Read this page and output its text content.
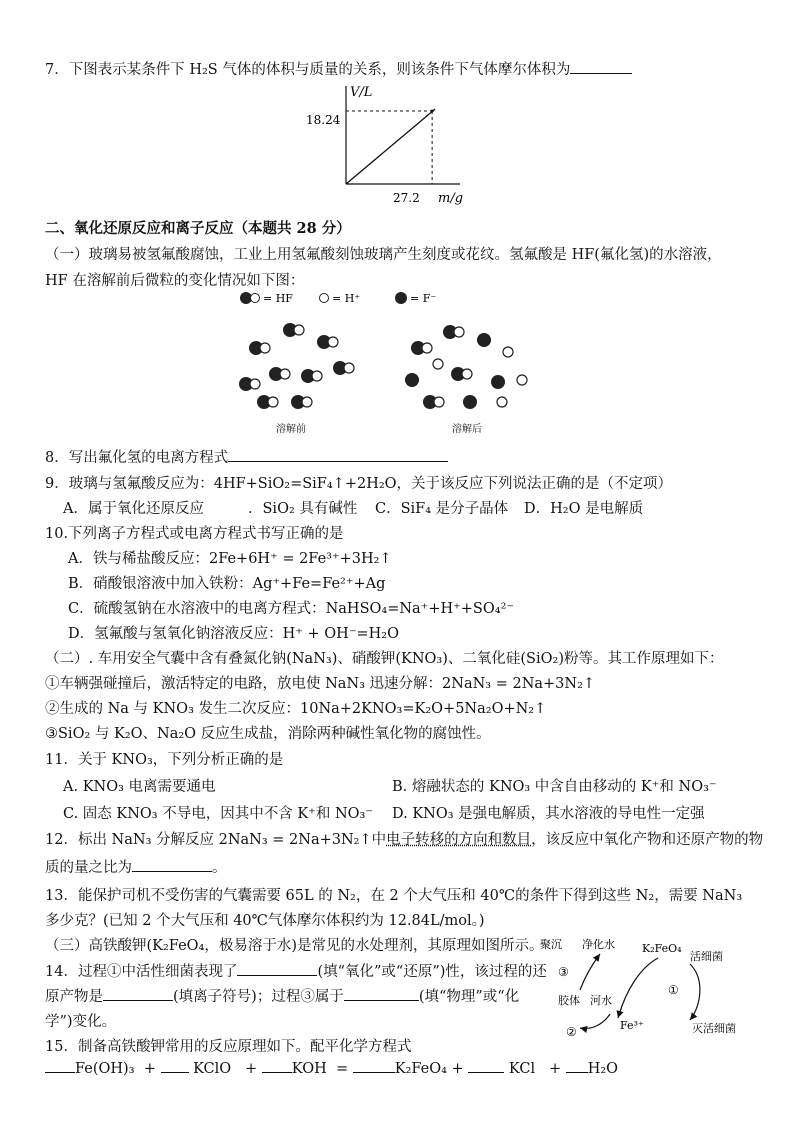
7．下图表示某条件下 H₂S 气体的体积与质量的关系，则该条件下气体摩尔体积为
V/L
m/g
18.24
27.2
二、氧化还原反应和离子反应（本题共 28 分）
（一）玻璃易被氢氟酸腐蚀，工业上用氢氟酸刻蚀玻璃产生刻度或花纹。氢氟酸是 HF(氟化氢)的水溶液，
HF 在溶解前后微粒的变化情况如下图：
= HF	= H⁺	= F⁻
溶解前	溶解后
8．写出氟化氢的电离方程式
9．玻璃与氢氟酸反应为：4HF+SiO₂=SiF₄↑+2H₂O，关于该反应下列说法正确的是（不定项）
A．属于氧化还原反应	．SiO₂ 具有碱性 C．SiF₄ 是分子晶体 D．H₂O 是电解质
10.下列离子方程式或电离方程式书写正确的是
A．铁与稀盐酸反应：2Fe+6H⁺ = 2Fe³⁺+3H₂↑
B．硝酸银溶液中加入铁粉：Ag⁺+Fe=Fe²⁺+Ag
C．硫酸氢钠在水溶液中的电离方程式：NaHSO₄=Na⁺+H⁺+SO₄²⁻
D．氢氟酸与氢氧化钠溶液反应：H⁺ + OH⁻=H₂O
（二）. 车用安全气囊中含有叠氮化钠(NaN₃)、硝酸钾(KNO₃)、二氧化硅(SiO₂)粉等。其工作原理如下：
①车辆强碰撞后，激活特定的电路，放电使 NaN₃ 迅速分解：2NaN₃ = 2Na+3N₂↑
②生成的 Na 与 KNO₃ 发生二次反应：10Na+2KNO₃=K₂O+5Na₂O+N₂↑
③SiO₂ 与 K₂O、Na₂O 反应生成盐，消除两种碱性氧化物的腐蚀性。
11．关于 KNO₃，下列分析正确的是
A. KNO₃ 电离需要通电	B. 熔融状态的 KNO₃ 中含自由移动的 K⁺和 NO₃⁻
C. 固态 KNO₃ 不导电，因其中不含 K⁺和 NO₃⁻ D. KNO₃ 是强电解质，其水溶液的导电性一定强
12．标出 NaN₃ 分解反应 2NaN₃ = 2Na+3N₂↑中电子转移的方向和数目，该反应中氧化产物和还原产物的物
质的量之比为	。
13．能保护司机不受伤害的气囊需要 65L 的 N₂，在 2 个大气压和 40℃的条件下得到这些 N₂，需要 NaN₃
多少克？(已知 2 个大气压和 40℃气体摩尔体积约为 12.84L/mol。)
（三）高铁酸钾(K₂FeO₄，极易溶于水)是常见的水处理剂，其原理如图所示。
14．过程①中活性细菌表现了	(填“氧化”或“还原”)性，该过程的还
原产物是	(填离子符号)；过程③属于	(填“物理”或“化
学”)变化。
15．制备高铁酸钾常用的反应原理如下。配平化学方程式
Fe(OH)₃ +	KClO + KOH =	K₂FeO₄ +	KCl + H₂O
聚沉 净化水 K₂FeO₄
活细菌
③
胶体 河水
①
②	Fe³⁺	灭活细菌
